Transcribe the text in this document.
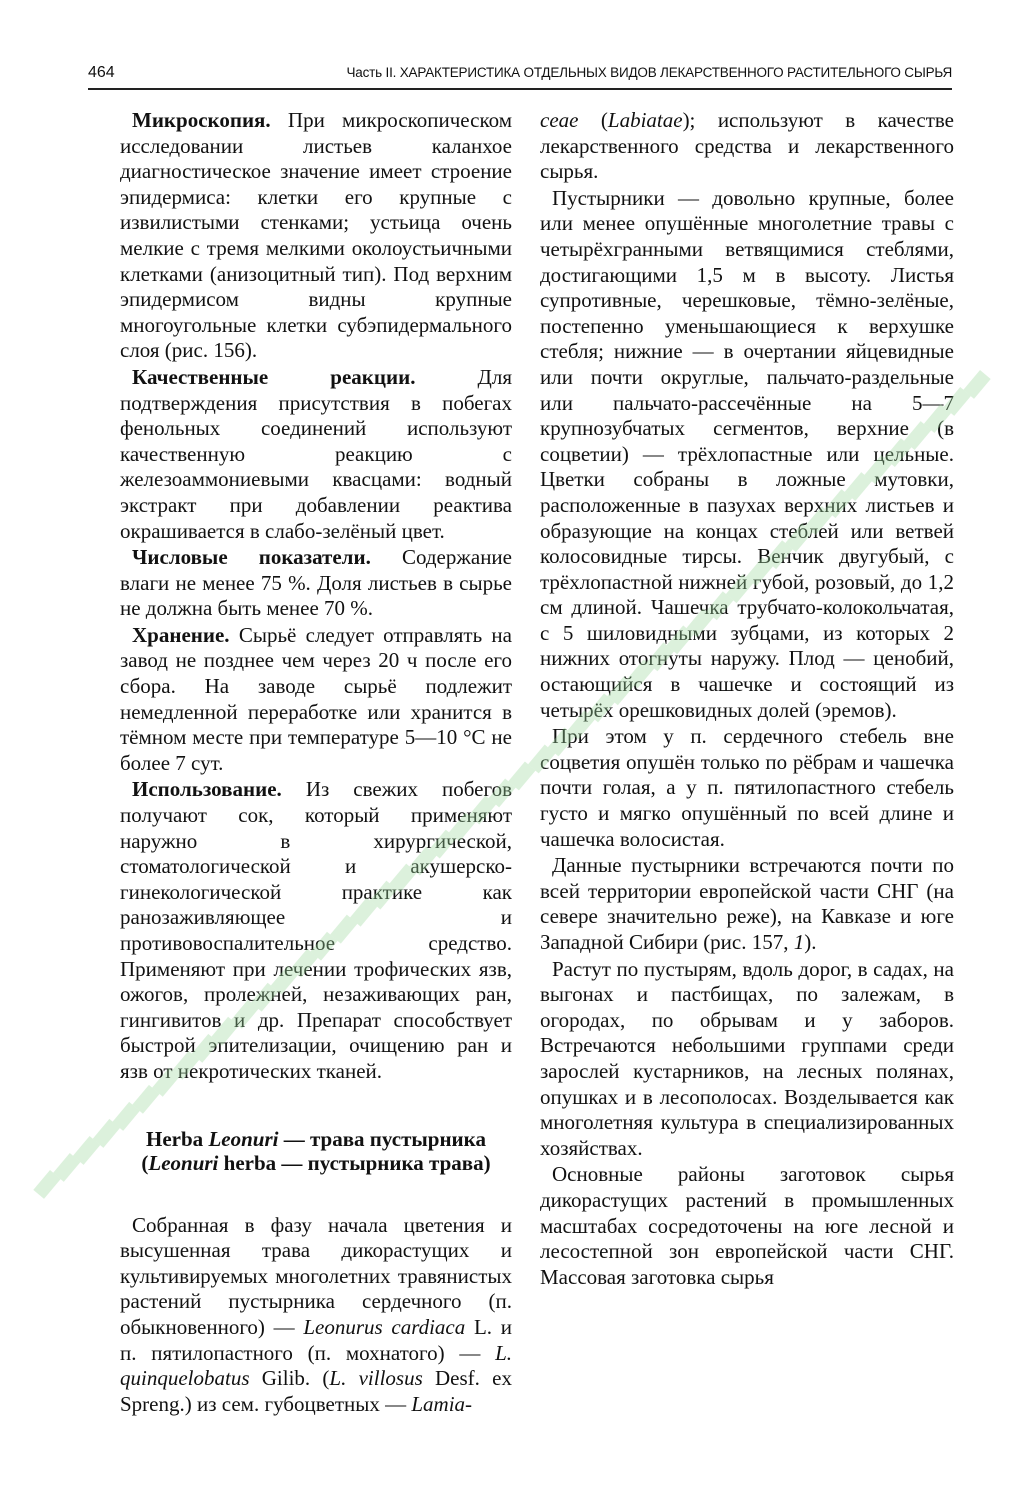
464	Часть II. ХАРАКТЕРИСТИКА ОТДЕЛЬНЫХ ВИДОВ ЛЕКАРСТВЕННОГО РАСТИТЕЛЬНОГО СЫРЬЯ

Микроскопия. При микроскопическом исследовании листьев каланхое диагностическое значение имеет строение эпидермиса: клетки его крупные с извилистыми стенками; устьица очень мелкие с тремя мелкими околоустьичными клетками (анизоцитный тип). Под верхним эпидермисом видны крупные многоугольные клетки субэпидермального слоя (рис. 156).

Качественные реакции. Для подтверждения присутствия в побегах фенольных соединений используют качественную реакцию с железоаммониевыми квасцами: водный экстракт при добавлении реактива окрашивается в слабо-зелёный цвет.

Числовые показатели. Содержание влаги не менее 75 %. Доля листьев в сырье не должна быть менее 70 %.

Хранение. Сырьё следует отправлять на завод не позднее чем через 20 ч после его сбора. На заводе сырьё подлежит немедленной переработке или хранится в тёмном месте при температуре 5—10 °С не более 7 сут.

Использование. Из свежих побегов получают сок, который применяют наружно в хирургической, стоматологической и акушерско-гинекологической практике как ранозаживляющее и противовоспалительное средство. Применяют при лечении трофических язв, ожогов, пролежней, незаживающих ран, гингивитов и др. Препарат способствует быстрой эпителизации, очищению ран и язв от некротических тканей.

Herba Leonuri — трава пустырника
(Leonuri herba — пустырника трава)

Собранная в фазу начала цветения и высушенная трава дикорастущих и культивируемых многолетних травянистых растений пустырника сердечного (п. обыкновенного) — Leonurus cardiaca L. и п. пятилопастного (п. мохнатого) — L. quinquelobatus Gilib. (L. villosus Desf. ex Spreng.) из сем. губоцветных — Lamia-

ceae (Labiatae); используют в качестве лекарственного средства и лекарственного сырья.

Пустырники — довольно крупные, более или менее опушённые многолетние травы с четырёхгранными ветвящимися стеблями, достигающими 1,5 м в высоту. Листья супротивные, черешковые, тёмно-зелёные, постепенно уменьшающиеся к верхушке стебля; нижние — в очертании яйцевидные или почти округлые, пальчато-раздельные или пальчато-рассечённые на 5—7 крупнозубчатых сегментов, верхние (в соцветии) — трёхлопастные или цельные. Цветки собраны в ложные мутовки, расположенные в пазухах верхних листьев и образующие на концах стеблей или ветвей колосовидные тирсы. Венчик двугубый, с трёхлопастной нижней губой, розовый, до 1,2 см длиной. Чашечка трубчато-колокольчатая, с 5 шиловидными зубцами, из которых 2 нижних отогнуты наружу. Плод — ценобий, остающийся в чашечке и состоящий из четырёх орешковидных долей (эремов).

При этом у п. сердечного стебель вне соцветия опушён только по рёбрам и чашечка почти голая, а у п. пятилопастного стебель густо и мягко опушённый по всей длине и чашечка волосистая.

Данные пустырники встречаются почти по всей территории европейской части СНГ (на севере значительно реже), на Кавказе и юге Западной Сибири (рис. 157, 1).

Растут по пустырям, вдоль дорог, в садах, на выгонах и пастбищах, по залежам, в огородах, по обрывам и у заборов. Встречаются небольшими группами среди зарослей кустарников, на лесных полянах, опушках и в лесополосах. Возделывается как многолетняя культура в специализированных хозяйствах.

Основные районы заготовок сырья дикорастущих растений в промышленных масштабах сосредоточены на юге лесной и лесостепной зон европейской части СНГ. Массовая заготовка сырья
